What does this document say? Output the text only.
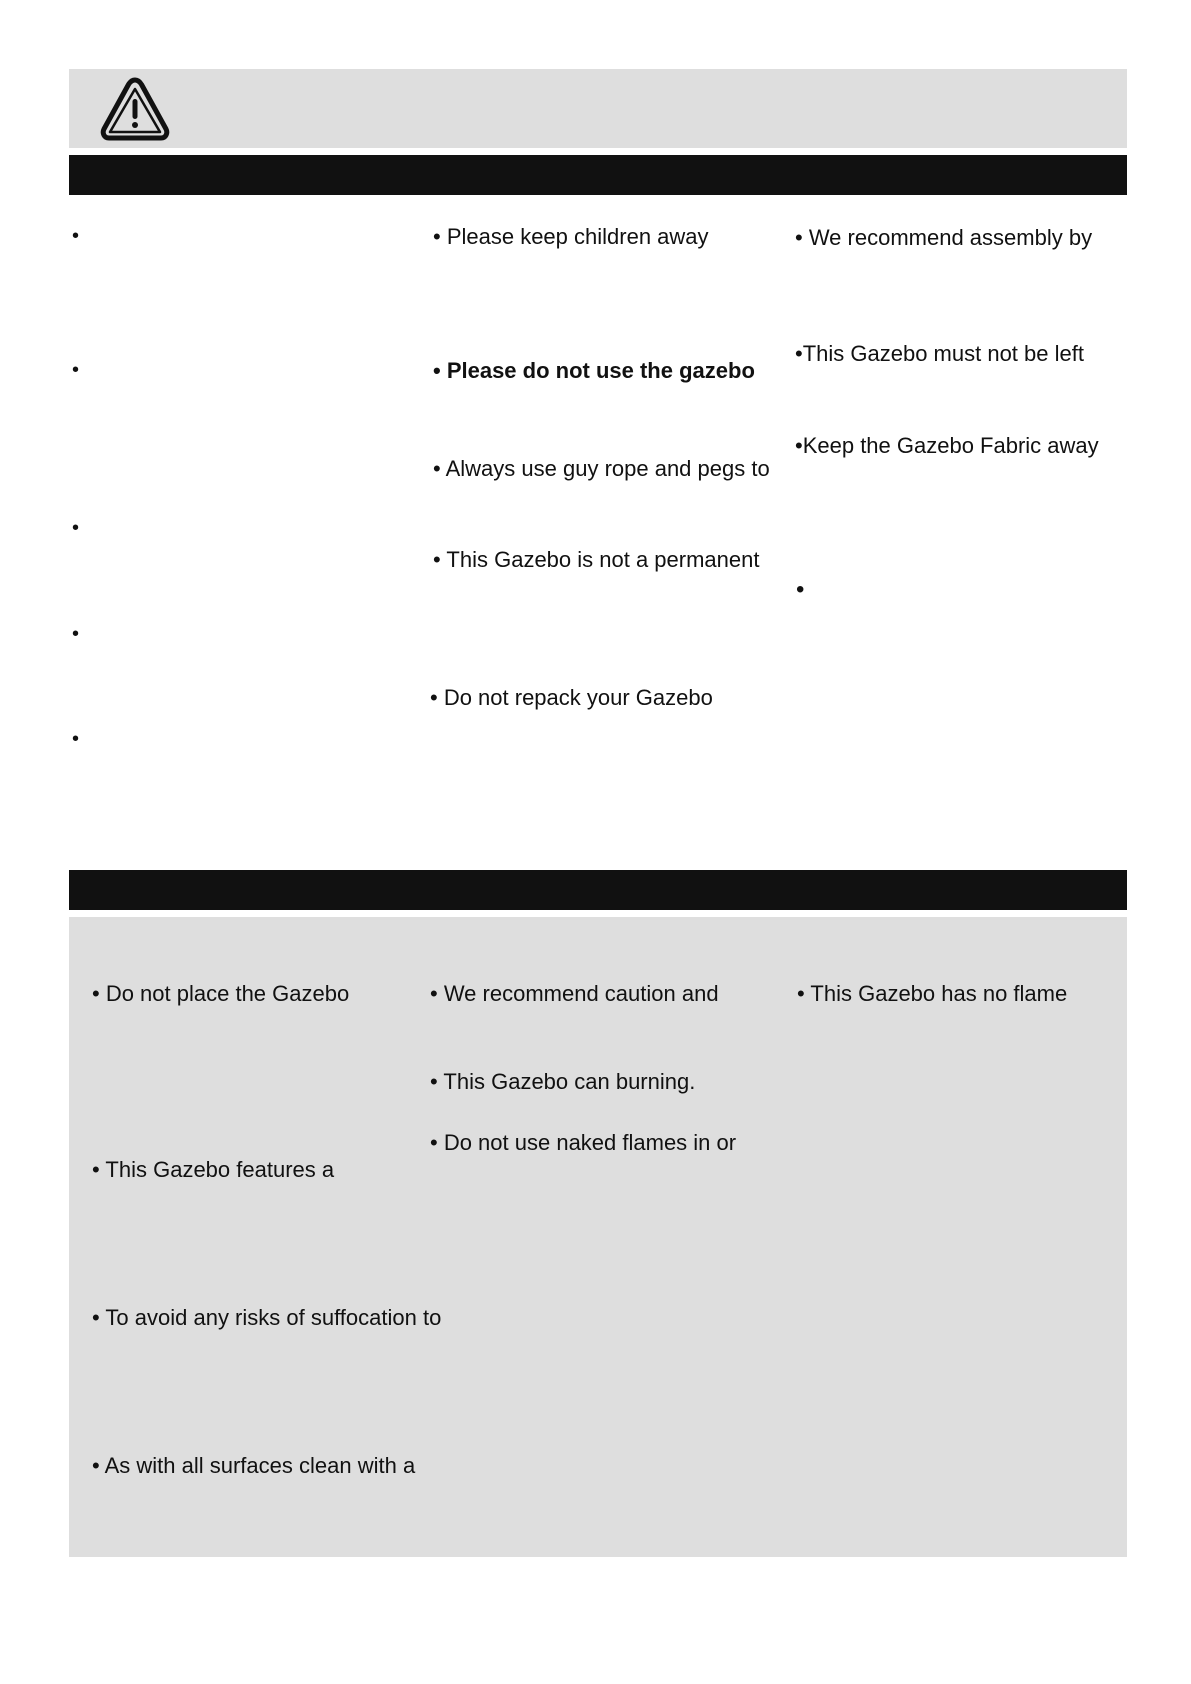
•
•
•
•
•
• Please keep children away
• Please do not use the gazebo
• Always use guy rope and pegs to
• This Gazebo is not a permanent
• Do not repack your Gazebo
• We recommend assembly by
•This Gazebo must not be left
•Keep the Gazebo Fabric away
•
• Do not place the Gazebo
• This Gazebo features a
• To avoid any risks of suffocation to
• As with all surfaces clean with a
• We recommend caution and
• This Gazebo can burning.
• Do not use naked flames in or
• This Gazebo has no flame
